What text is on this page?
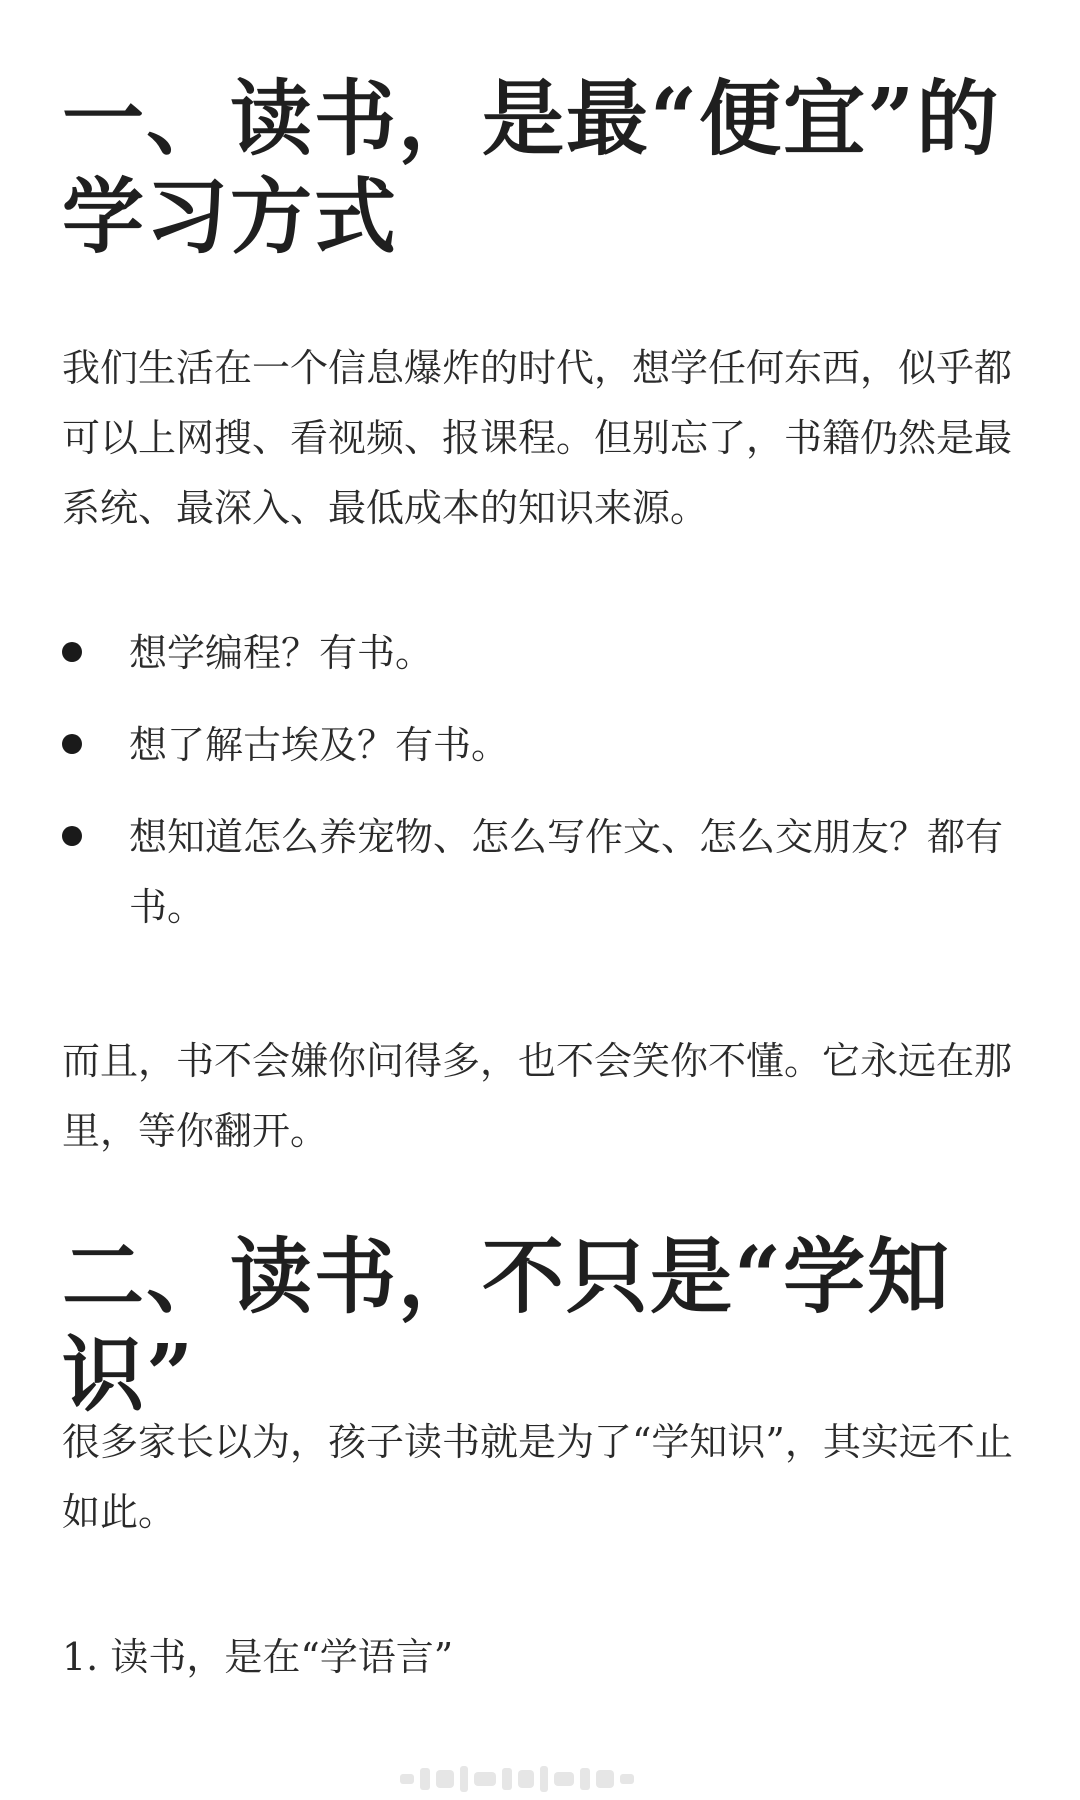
一、读书，是最“便宜”的学习方式

我们生活在一个信息爆炸的时代，想学任何东西，似乎都可以上网搜、看视频、报课程。但别忘了，书籍仍然是最系统、最深入、最低成本的知识来源。

想学编程？有书。
想了解古埃及？有书。
想知道怎么养宠物、怎么写作文、怎么交朋友？都有书。

而且，书不会嫌你问得多，也不会笑你不懂。它永远在那里，等你翻开。

二、读书，不只是“学知识”

很多家长以为，孩子读书就是为了“学知识”，其实远不止如此。

1. 读书，是在“学语言”
